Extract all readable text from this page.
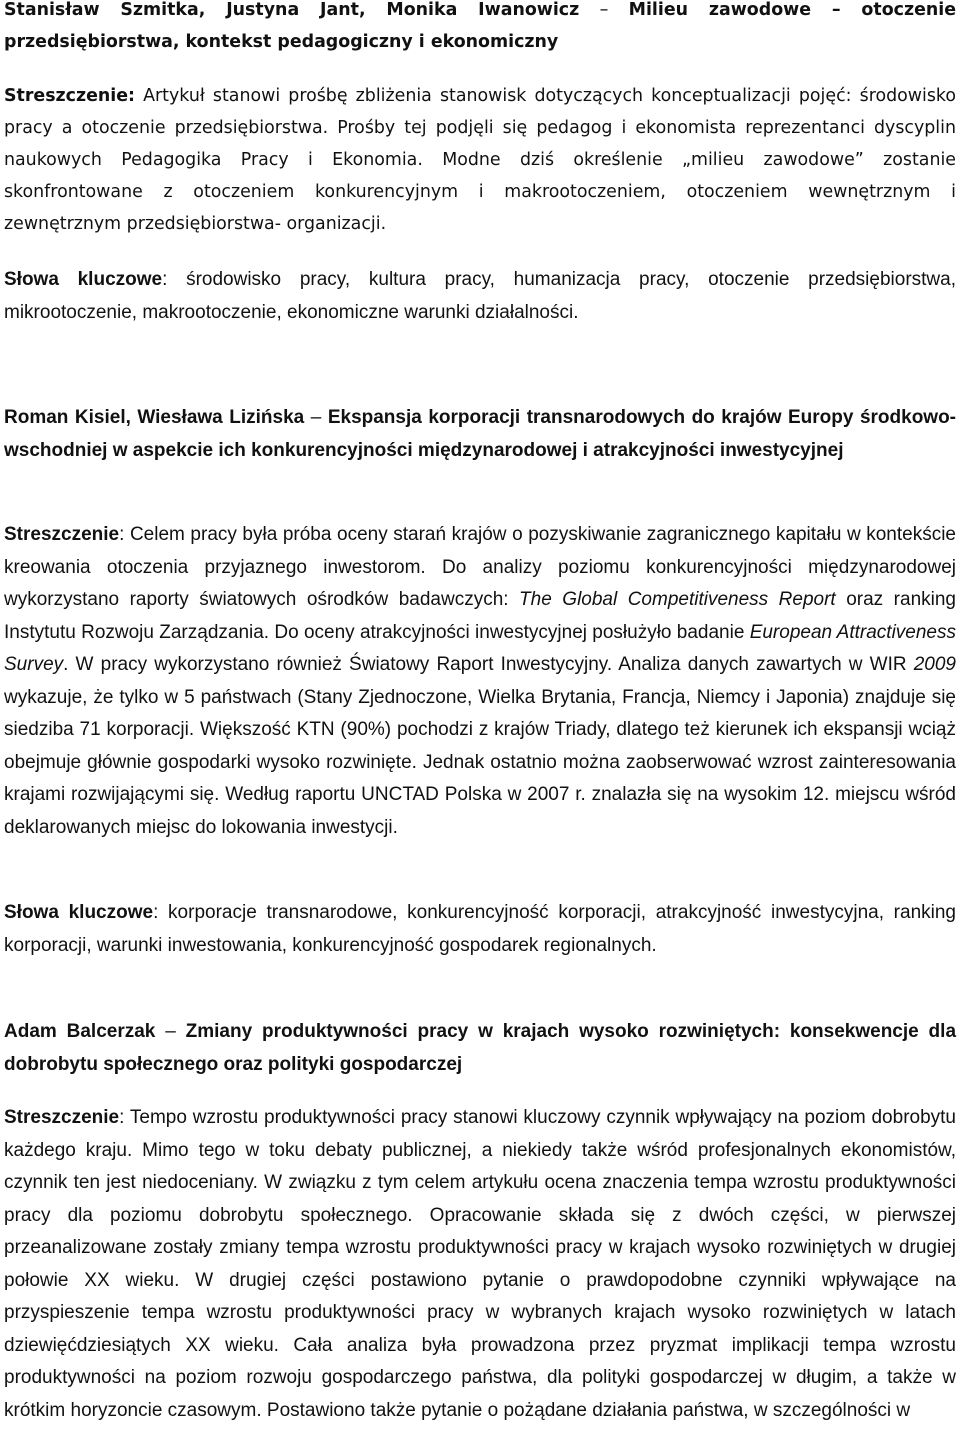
Stanisław Szmitka, Justyna Jant, Monika Iwanowicz – Milieu zawodowe – otoczenie przedsiębiorstwa, kontekst pedagogiczny i ekonomiczny

Streszczenie: Artykuł stanowi prośbę zbliżenia stanowisk dotyczących konceptualizacji pojęć: środowisko pracy a otoczenie przedsiębiorstwa. Prośby tej podjęli się pedagog i ekonomista reprezentanci dyscyplin naukowych Pedagogika Pracy i Ekonomia. Modne dziś określenie „milieu zawodowe” zostanie skonfrontowane z otoczeniem konkurencyjnym i makrootoczeniem, otoczeniem wewnętrznym i zewnętrznym przedsiębiorstwa- organizacji.

Słowa kluczowe: środowisko pracy, kultura pracy, humanizacja pracy, otoczenie przedsiębiorstwa, mikrootoczenie, makrootoczenie, ekonomiczne warunki działalności.

Roman Kisiel, Wiesława Lizińska – Ekspansja korporacji transnarodowych do krajów Europy środkowo-wschodniej w aspekcie ich konkurencyjności międzynarodowej i atrakcyjności inwestycyjnej

Streszczenie: Celem pracy była próba oceny starań krajów o pozyskiwanie zagranicznego kapitału w kontekście kreowania otoczenia przyjaznego inwestorom. Do analizy poziomu konkurencyjności międzynarodowej wykorzystano raporty światowych ośrodków badawczych: The Global Competitiveness Report oraz ranking Instytutu Rozwoju Zarządzania. Do oceny atrakcyjności inwestycyjnej posłużyło badanie European Attractiveness Survey. W pracy wykorzystano również Światowy Raport Inwestycyjny. Analiza danych zawartych w WIR 2009 wykazuje, że tylko w 5 państwach (Stany Zjednoczone, Wielka Brytania, Francja, Niemcy i Japonia) znajduje się siedziba 71 korporacji. Większość KTN (90%) pochodzi z krajów Triady, dlatego też kierunek ich ekspansji wciąż obejmuje głównie gospodarki wysoko rozwinięte. Jednak ostatnio można zaobserwować wzrost zainteresowania krajami rozwijającymi się. Według raportu UNCTAD Polska w 2007 r. znalazła się na wysokim 12. miejscu wśród deklarowanych miejsc do lokowania inwestycji.

Słowa kluczowe: korporacje transnarodowe, konkurencyjność korporacji, atrakcyjność inwestycyjna, ranking korporacji, warunki inwestowania, konkurencyjność gospodarek regionalnych.

Adam Balcerzak – Zmiany produktywności pracy w krajach wysoko rozwiniętych: konsekwencje dla dobrobytu społecznego oraz polityki gospodarczej

Streszczenie: Tempo wzrostu produktywności pracy stanowi kluczowy czynnik wpływający na poziom dobrobytu każdego kraju. Mimo tego w toku debaty publicznej, a niekiedy także wśród profesjonalnych ekonomistów, czynnik ten jest niedoceniany. W związku z tym celem artykułu ocena znaczenia tempa wzrostu produktywności pracy dla poziomu dobrobytu społecznego. Opracowanie składa się z dwóch części, w pierwszej przeanalizowane zostały zmiany tempa wzrostu produktywności pracy w krajach wysoko rozwiniętych w drugiej połowie XX wieku. W drugiej części postawiono pytanie o prawdopodobne czynniki wpływające na przyspieszenie tempa wzrostu produktywności pracy w wybranych krajach wysoko rozwiniętych w latach dziewięćdziesiątych XX wieku. Cała analiza była prowadzona przez pryzmat implikacji tempa wzrostu produktywności na poziom rozwoju gospodarczego państwa, dla polityki gospodarczej w długim, a także w krótkim horyzoncie czasowym. Postawiono także pytanie o pożądane działania państwa, w szczególności w
